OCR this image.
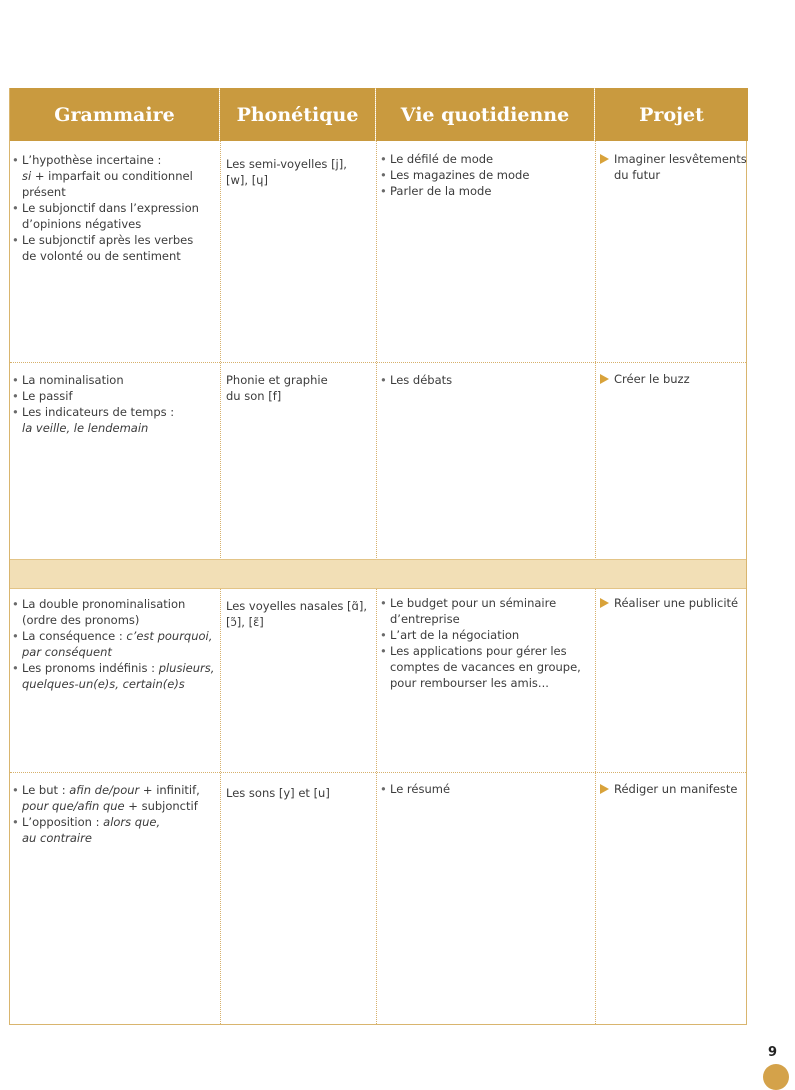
Grammaire	Phonétique	Vie quotidienne	Projet
• L’hypothèse incertaine :
si + imparfait ou conditionnel
présent
• Le subjonctif dans l’expression
d’opinions négatives
• Le subjonctif après les verbes
de volonté ou de sentiment
Les semi-voyelles [j],
[w], [ɥ]
• Le défilé de mode
• Les magazines de mode
• Parler de la mode
Imaginer lesvêtements du futur
• La nominalisation
• Le passif
• Les indicateurs de temps :
la veille, le lendemain
Phonie et graphie
du son [f]
• Les débats	Créer le buzz
• La double pronominalisation
(ordre des pronoms)
• La conséquence : c’est pourquoi,
par conséquent
• Les pronoms indéfinis : plusieurs,
quelques-un(e)s, certain(e)s
Les voyelles nasales [ɑ̃],
[ɔ̃], [ɛ̃]
• Le budget pour un séminaire
d’entreprise
• L’art de la négociation
• Les applications pour gérer les
comptes de vacances en groupe,
pour rembourser les amis...
Réaliser une publicité
• Le but : afin de/pour + infinitif,
pour que/afin que + subjonctif
• L’opposition : alors que,
au contraire
Les sons [y] et [u]
•	Le résumé	Rédiger un manifeste
9
